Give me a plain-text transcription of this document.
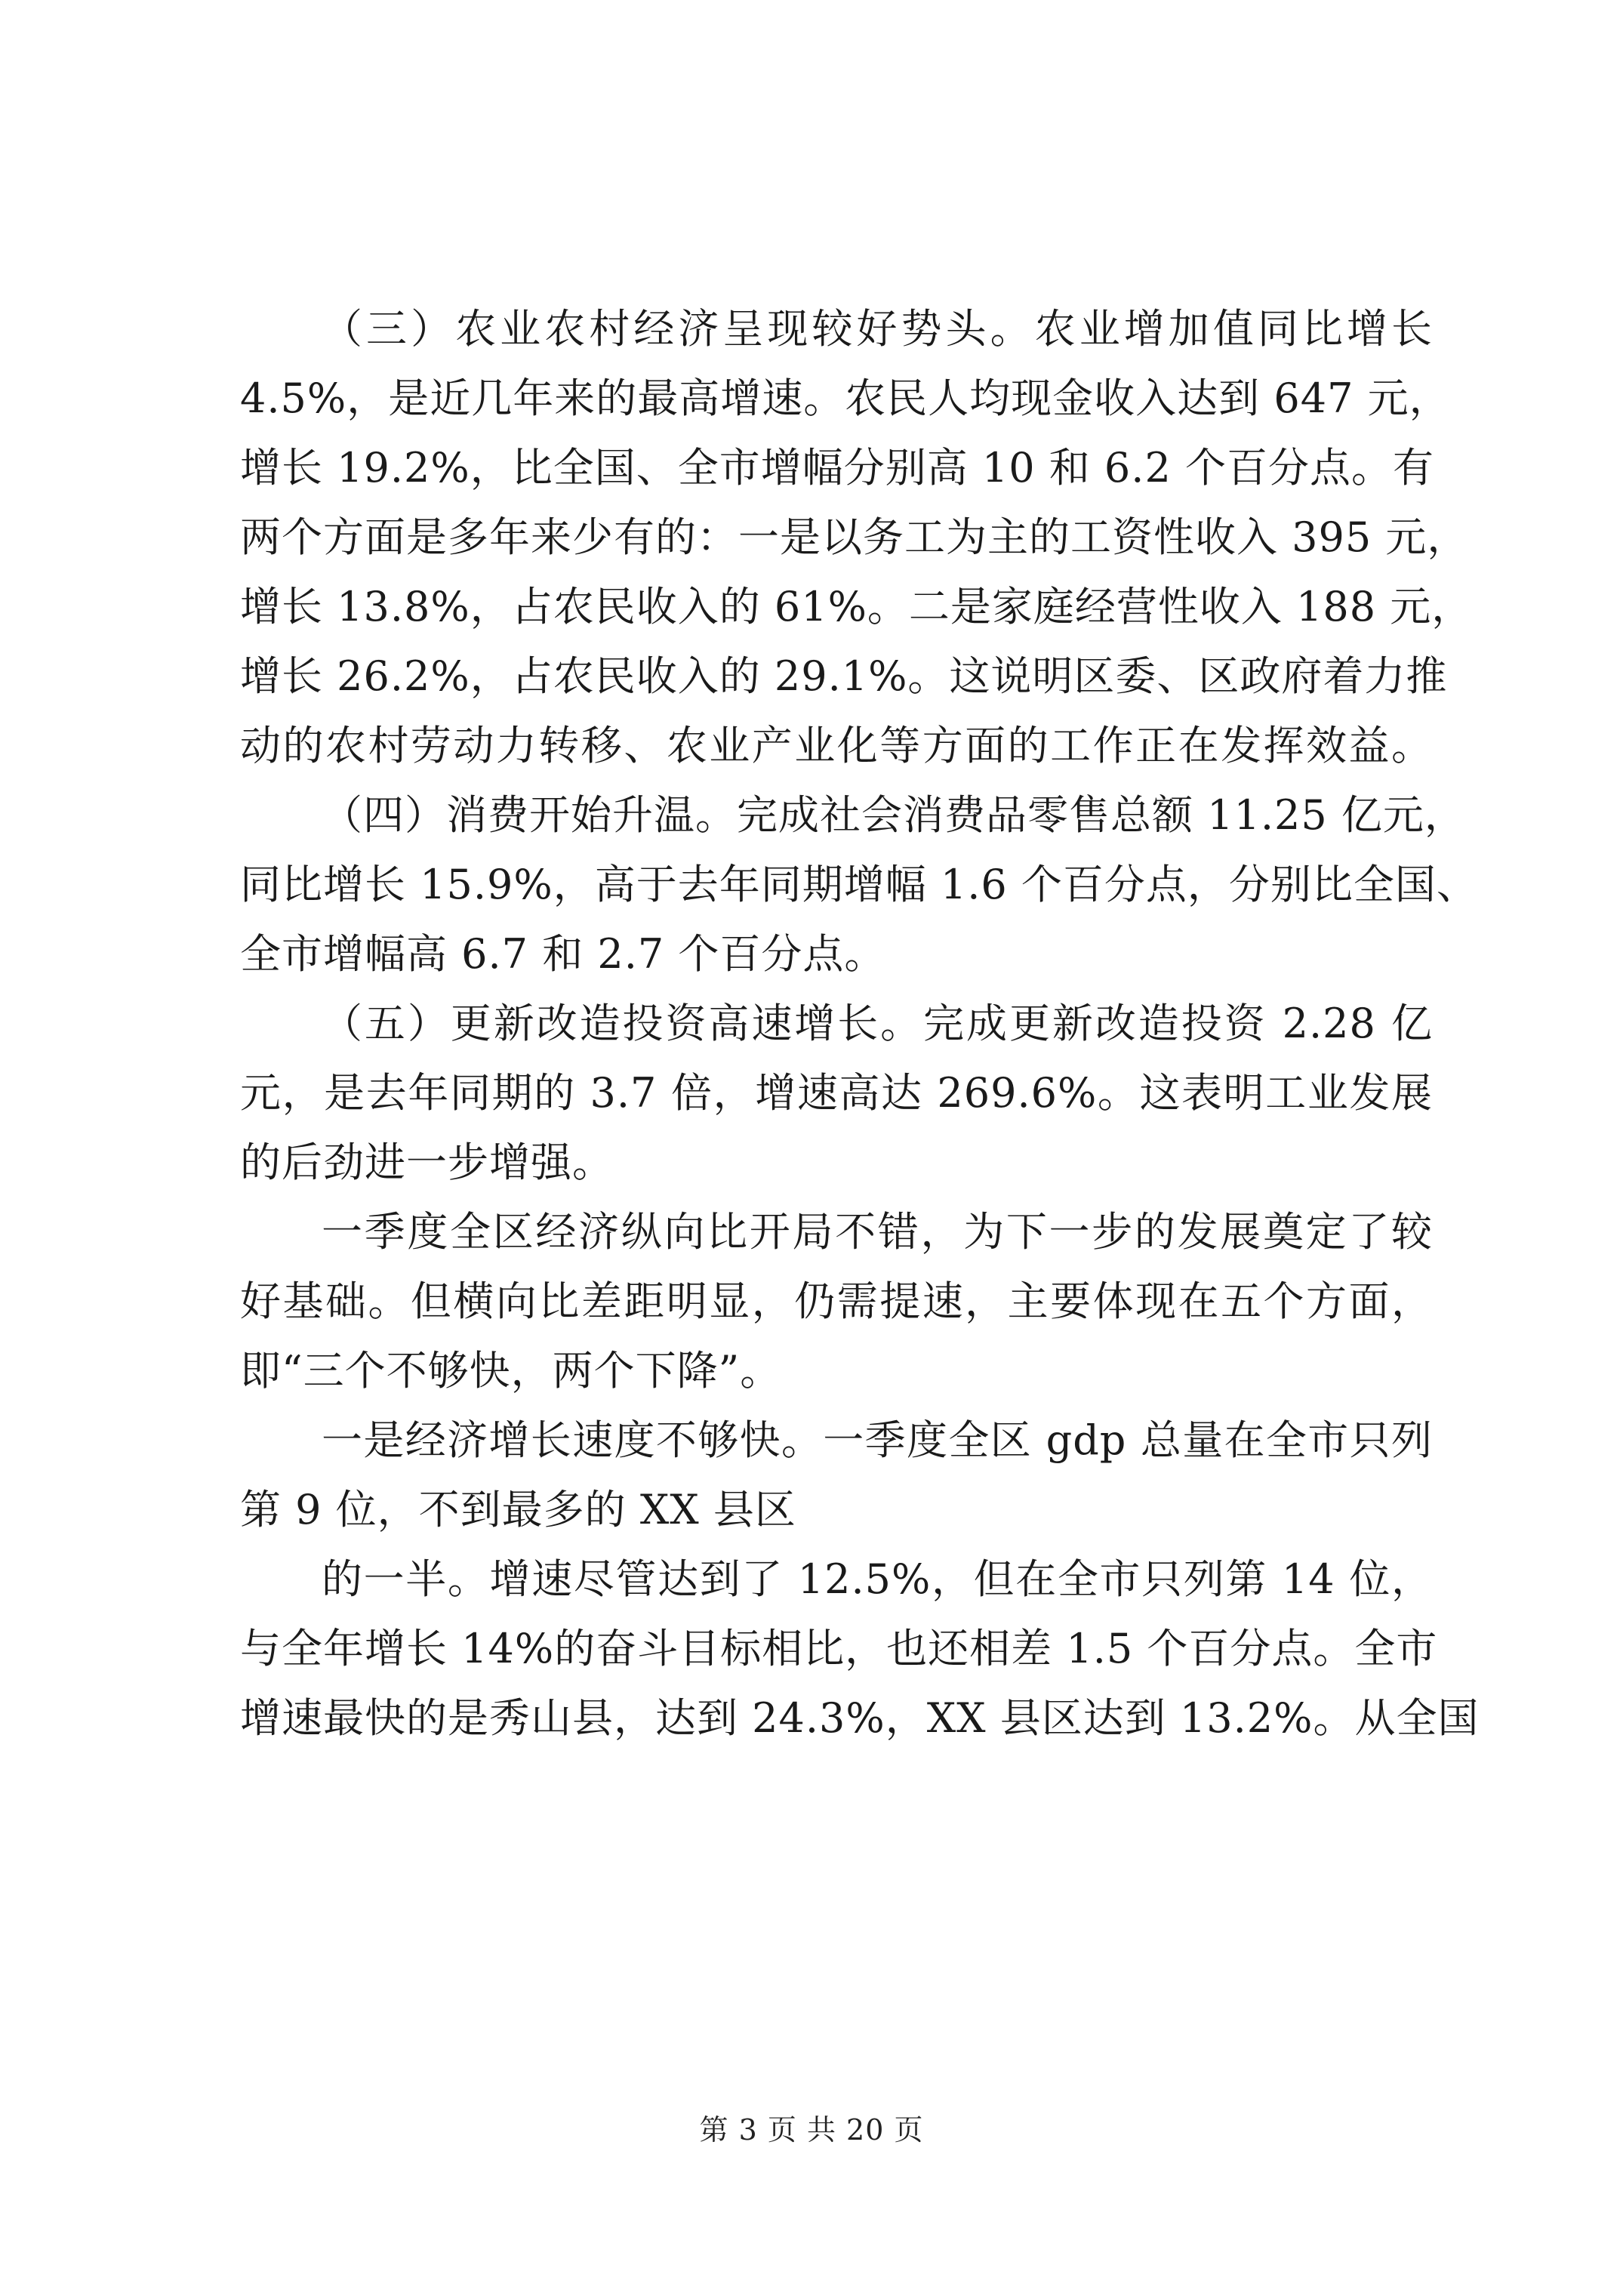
（三）农业农村经济呈现较好势头。农业增加值同比增长
4.5%，是近几年来的最高增速。农民人均现金收入达到 647 元，
增长 19.2%，比全国、全市增幅分别高 10 和 6.2 个百分点。有
两个方面是多年来少有的：一是以务工为主的工资性收入 395 元，
增长 13.8%，占农民收入的 61%。二是家庭经营性收入 188 元，
增长 26.2%，占农民收入的 29.1%。这说明区委、区政府着力推
动的农村劳动力转移、农业产业化等方面的工作正在发挥效益。

（四）消费开始升温。完成社会消费品零售总额 11.25 亿元，
同比增长 15.9%，高于去年同期增幅 1.6 个百分点，分别比全国、
全市增幅高 6.7 和 2.7 个百分点。

（五）更新改造投资高速增长。完成更新改造投资 2.28 亿
元，是去年同期的 3.7 倍，增速高达 269.6%。这表明工业发展
的后劲进一步增强。

一季度全区经济纵向比开局不错，为下一步的发展奠定了较
好基础。但横向比差距明显，仍需提速，主要体现在五个方面，
即“三个不够快，两个下降”。

一是经济增长速度不够快。一季度全区 gdp 总量在全市只列
第 9 位，不到最多的 XX 县区

的一半。增速尽管达到了 12.5%，但在全市只列第 14 位，
与全年增长 14%的奋斗目标相比，也还相差 1.5 个百分点。全市
增速最快的是秀山县，达到 24.3%，XX 县区达到 13.2%。从全国

第 3 页 共 20 页
